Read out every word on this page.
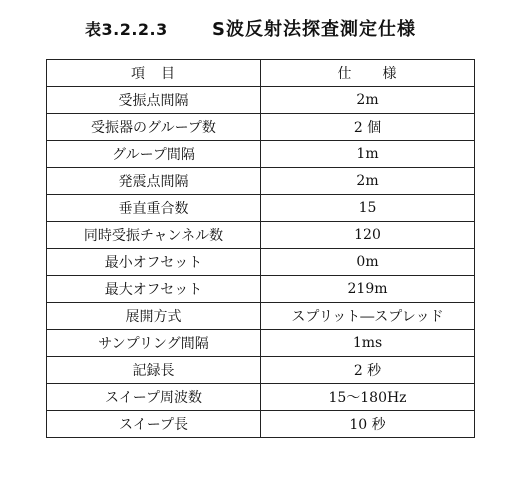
表3.2.2.3 S波反射法探査測定仕様
項　目	仕　　様
受振点間隔	2m
受振器のグループ数	2 個
グループ間隔	1m
発震点間隔	2m
垂直重合数	15
同時受振チャンネル数	120
最小オフセット	0m
最大オフセット	219m
展開方式	スプリット―スプレッド
サンプリング間隔	1ms
記録長	2 秒
スイープ周波数	15～180Hz
スイープ長	10 秒
